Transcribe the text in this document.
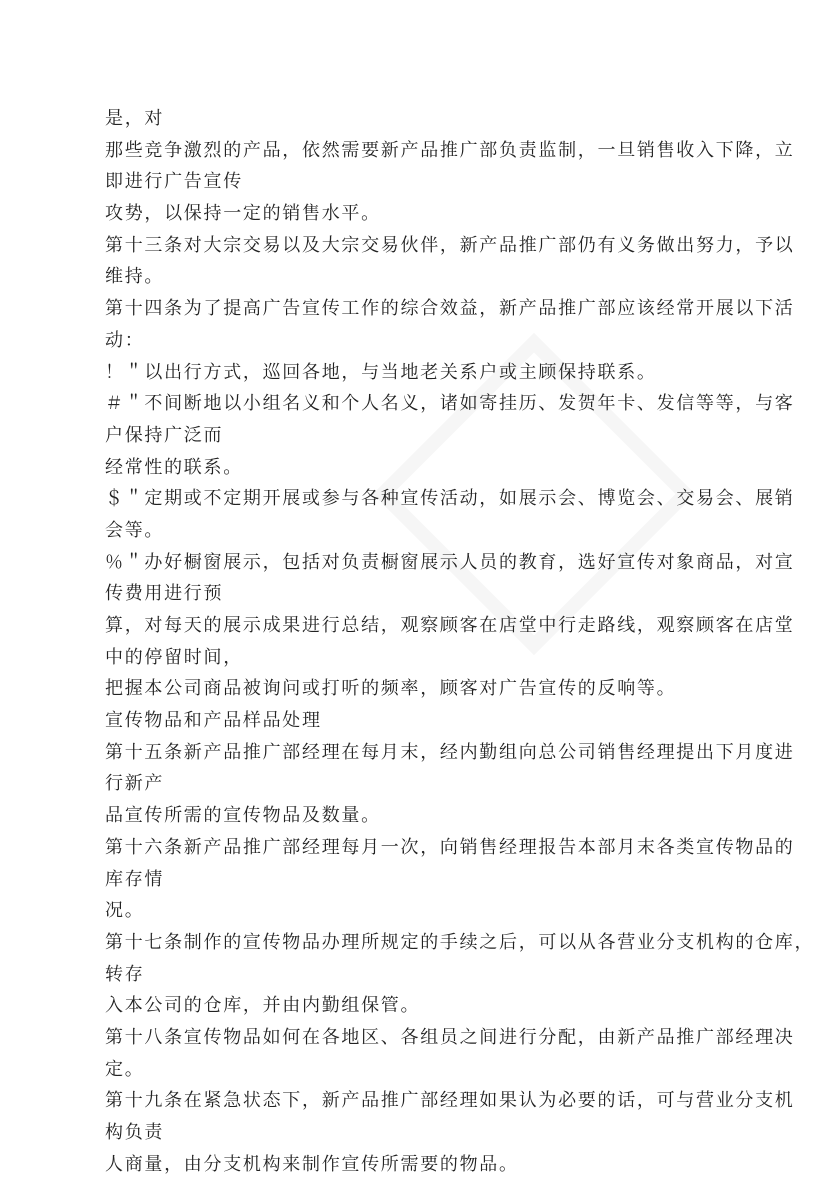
是，对
那些竞争激烈的产品，依然需要新产品推广部负责监制，一旦销售收入下降，立
即进行广告宣传
攻势，以保持一定的销售水平。
第十三条对大宗交易以及大宗交易伙伴，新产品推广部仍有义务做出努力，予以
维持。
第十四条为了提高广告宣传工作的综合效益，新产品推广部应该经常开展以下活
动：
！＂以出行方式，巡回各地，与当地老关系户或主顾保持联系。
＃＂不间断地以小组名义和个人名义，诸如寄挂历、发贺年卡、发信等等，与客
户保持广泛而
经常性的联系。
＄＂定期或不定期开展或参与各种宣传活动，如展示会、博览会、交易会、展销
会等。
％＂办好橱窗展示，包括对负责橱窗展示人员的教育，选好宣传对象商品，对宣
传费用进行预
算，对每天的展示成果进行总结，观察顾客在店堂中行走路线，观察顾客在店堂
中的停留时间，
把握本公司商品被询问或打听的频率，顾客对广告宣传的反响等。
宣传物品和产品样品处理
第十五条新产品推广部经理在每月末，经内勤组向总公司销售经理提出下月度进
行新产
品宣传所需的宣传物品及数量。
第十六条新产品推广部经理每月一次，向销售经理报告本部月末各类宣传物品的
库存情
况。
第十七条制作的宣传物品办理所规定的手续之后，可以从各营业分支机构的仓库，
转存
入本公司的仓库，并由内勤组保管。
第十八条宣传物品如何在各地区、各组员之间进行分配，由新产品推广部经理决
定。
第十九条在紧急状态下，新产品推广部经理如果认为必要的话，可与营业分支机
构负责
人商量，由分支机构来制作宣传所需要的物品。
